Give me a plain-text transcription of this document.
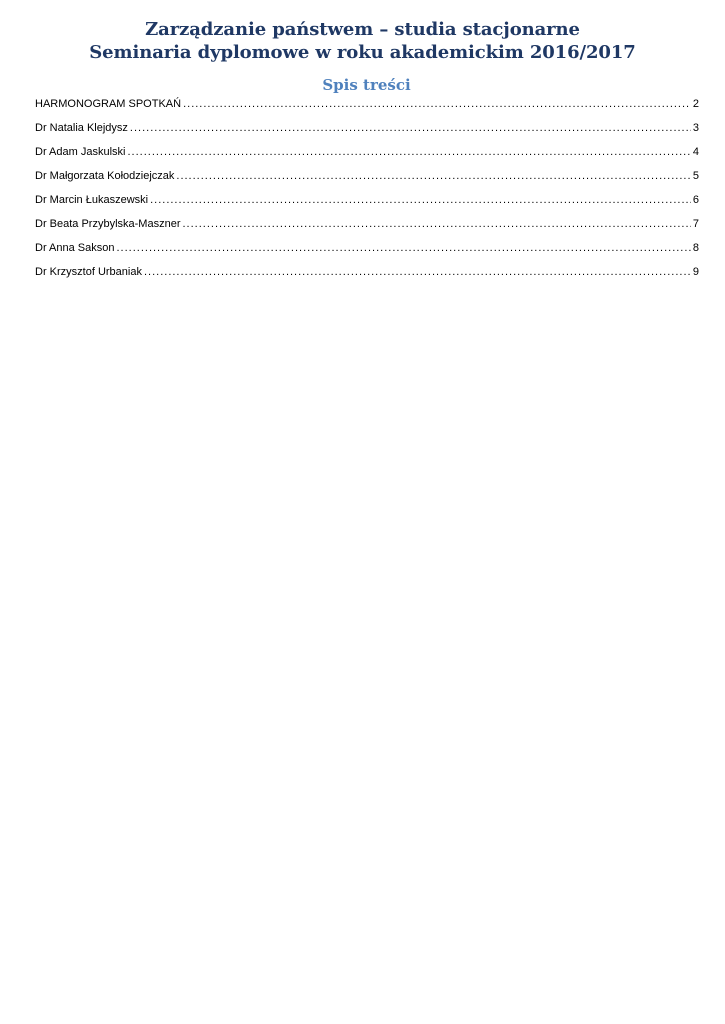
Zarządzanie państwem – studia stacjonarne
Seminaria dyplomowe w roku akademickim 2016/2017
Spis treści
HARMONOGRAM SPOTKAŃ .....	2
Dr Natalia Klejdysz .....	3
Dr Adam Jaskulski .....	4
Dr Małgorzata Kołodziejczak .....	5
Dr Marcin Łukaszewski .....	6
Dr Beata Przybylska-Maszner .....	7
Dr Anna Sakson .....	8
Dr Krzysztof Urbaniak .....	9
